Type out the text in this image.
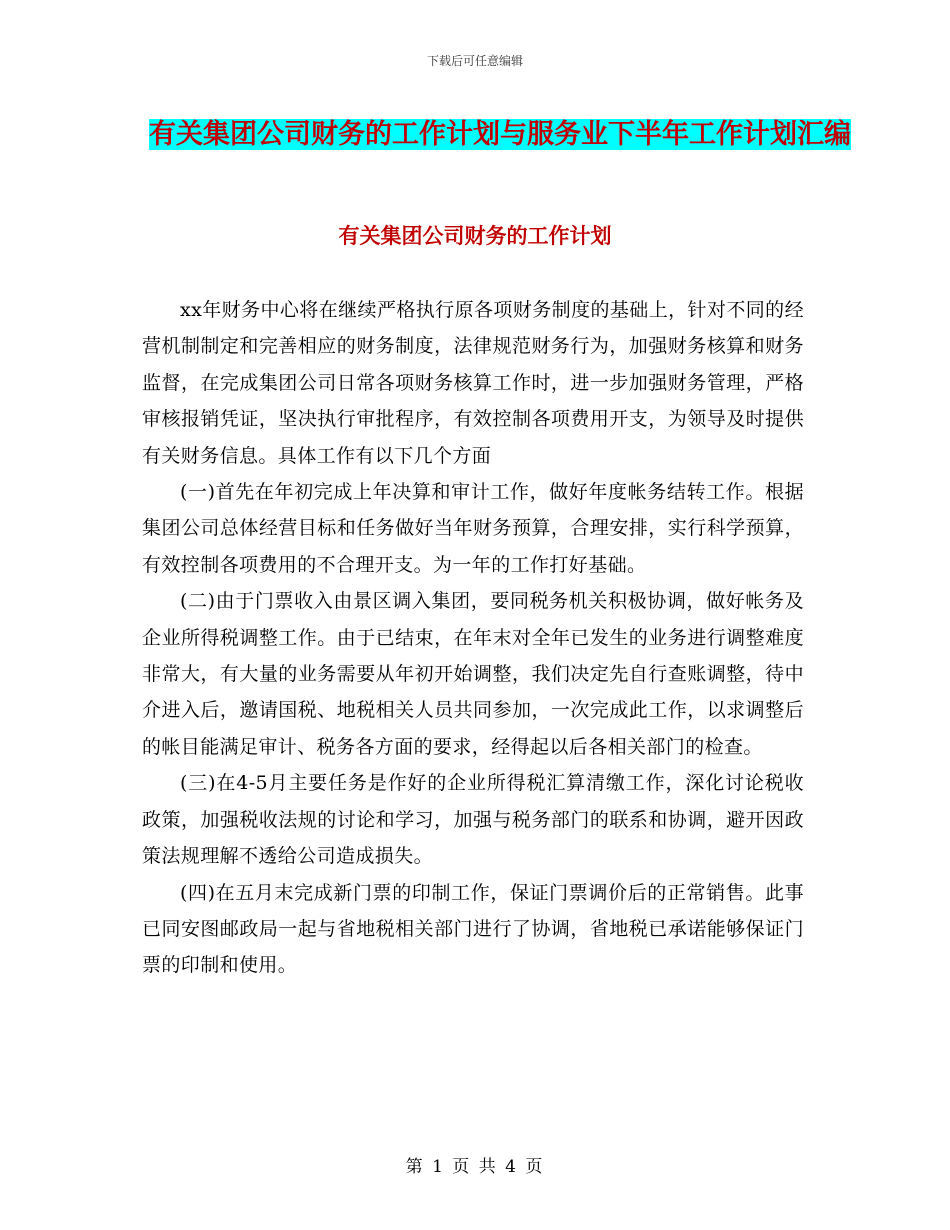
下载后可任意编辑
有关集团公司财务的工作计划与服务业下半年工作计划汇编
有关集团公司财务的工作计划

xx年财务中心将在继续严格执行原各项财务制度的基础上，针对不同的经营机制制定和完善相应的财务制度，法律规范财务行为，加强财务核算和财务监督，在完成集团公司日常各项财务核算工作时，进一步加强财务管理，严格审核报销凭证，坚决执行审批程序，有效控制各项费用开支，为领导及时提供有关财务信息。具体工作有以下几个方面

(一)首先在年初完成上年决算和审计工作，做好年度帐务结转工作。根据集团公司总体经营目标和任务做好当年财务预算，合理安排，实行科学预算，有效控制各项费用的不合理开支。为一年的工作打好基础。

(二)由于门票收入由景区调入集团，要同税务机关积极协调，做好帐务及企业所得税调整工作。由于已结束，在年末对全年已发生的业务进行调整难度非常大，有大量的业务需要从年初开始调整，我们决定先自行查账调整，待中介进入后，邀请国税、地税相关人员共同参加，一次完成此工作，以求调整后的帐目能满足审计、税务各方面的要求，经得起以后各相关部门的检查。

(三)在4-5月主要任务是作好的企业所得税汇算清缴工作，深化讨论税收政策，加强税收法规的讨论和学习，加强与税务部门的联系和协调，避开因政策法规理解不透给公司造成损失。

(四)在五月末完成新门票的印制工作，保证门票调价后的正常销售。此事已同安图邮政局一起与省地税相关部门进行了协调，省地税已承诺能够保证门票的印制和使用。

第 1 页 共 4 页
